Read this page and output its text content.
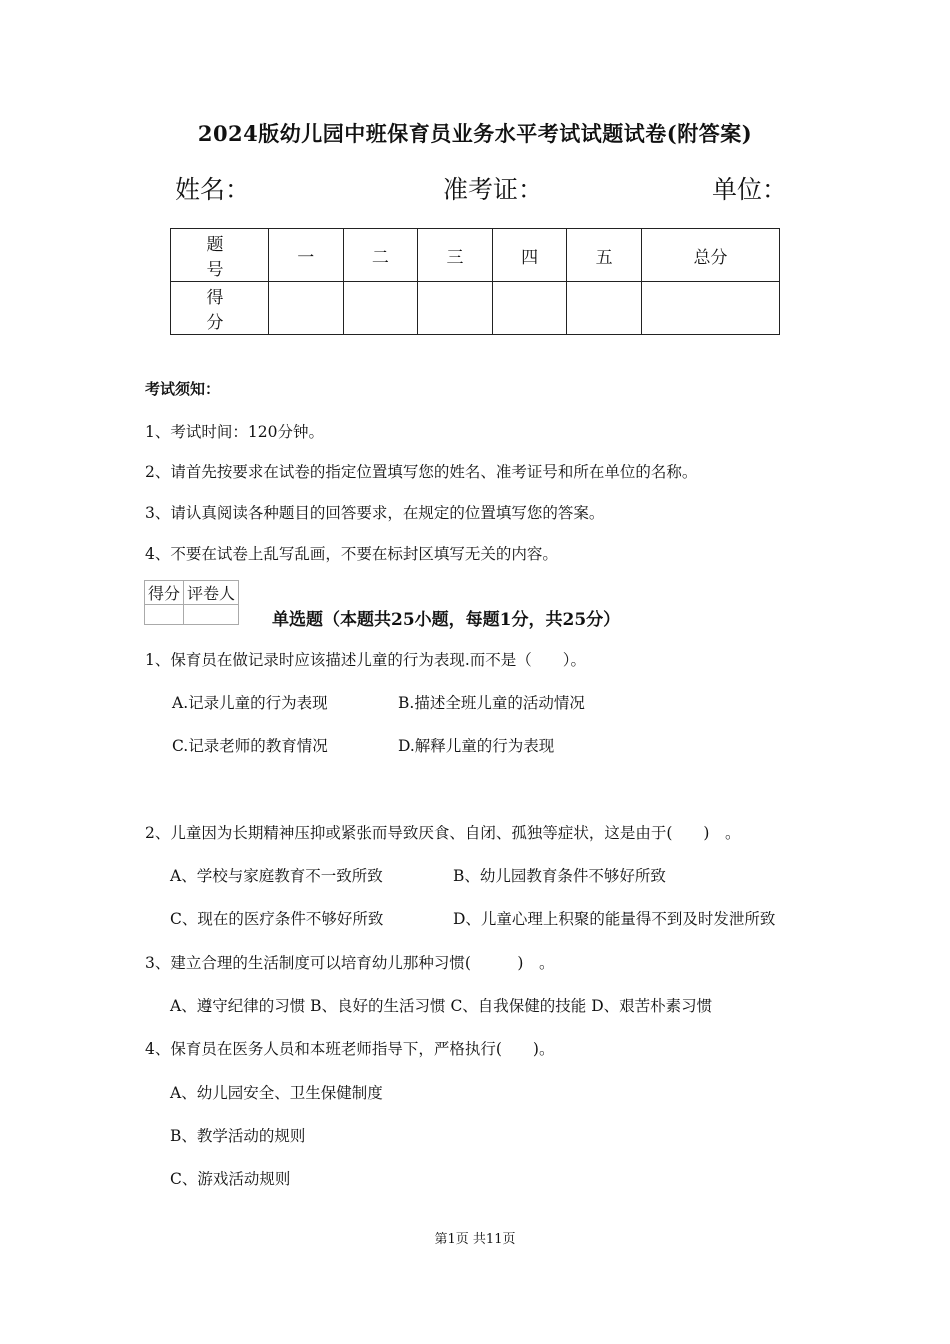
2024版幼儿园中班保育员业务水平考试试题试卷(附答案)
姓名：	准考证：	单位：
题 号	一	二	三	四	五	总分
得 分						
考试须知：
1、考试时间：120分钟。
2、请首先按要求在试卷的指定位置填写您的姓名、准考证号和所在单位的名称。
3、请认真阅读各种题目的回答要求，在规定的位置填写您的答案。
4、不要在试卷上乱写乱画，不要在标封区填写无关的内容。
得分	评卷人

单选题（本题共25小题，每题1分，共25分）
1、保育员在做记录时应该描述儿童的行为表现.而不是（　　）。
A.记录儿童的行为表现	B.描述全班儿童的活动情况
C.记录老师的教育情况	D.解释儿童的行为表现
2、儿童因为长期精神压抑或紧张而导致厌食、自闭、孤独等症状，这是由于(　　)　。
A、学校与家庭教育不一致所致	B、幼儿园教育条件不够好所致
C、现在的医疗条件不够好所致	D、儿童心理上积聚的能量得不到及时发泄所致
3、建立合理的生活制度可以培育幼儿那种习惯(　　　)　。
A、遵守纪律的习惯 B、良好的生活习惯 C、自我保健的技能 D、艰苦朴素习惯
4、保育员在医务人员和本班老师指导下，严格执行(　　)。
A、幼儿园安全、卫生保健制度
B、教学活动的规则
C、游戏活动规则
第1页 共11页
